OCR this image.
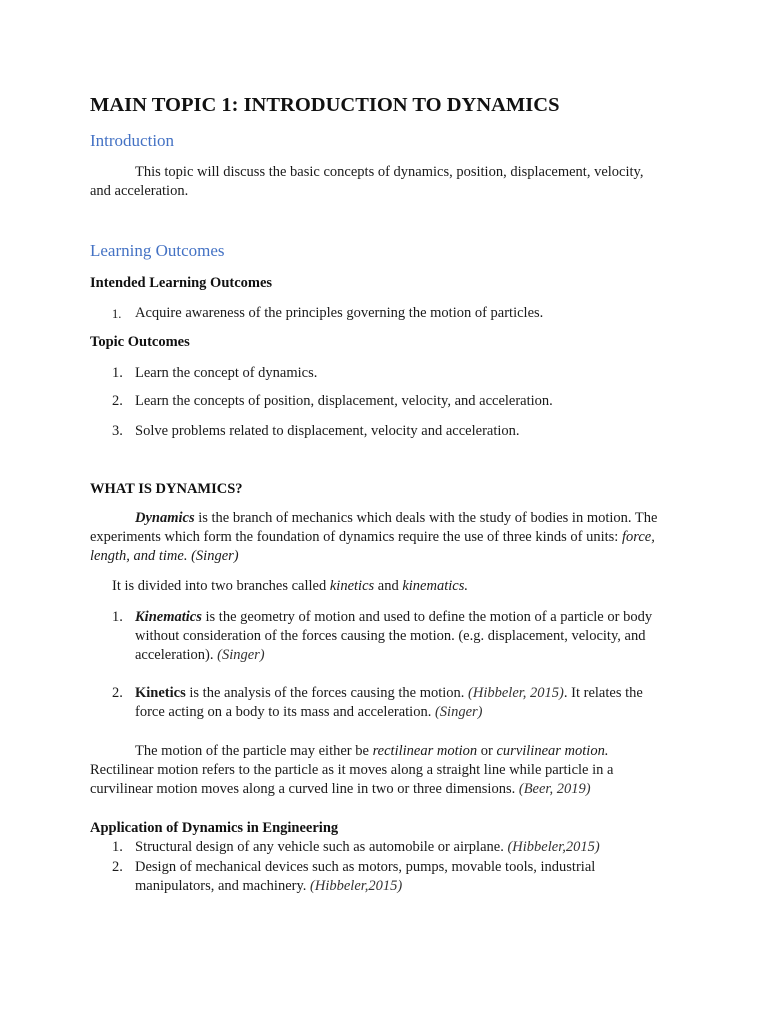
MAIN TOPIC 1: INTRODUCTION TO DYNAMICS
Introduction

This topic will discuss the basic concepts of dynamics, position, displacement, velocity, and acceleration.

Learning Outcomes
Intended Learning Outcomes
1. Acquire awareness of the principles governing the motion of particles.
Topic Outcomes
1. Learn the concept of dynamics.
2. Learn the concepts of position, displacement, velocity, and acceleration.
3. Solve problems related to displacement, velocity and acceleration.
WHAT IS DYNAMICS?

Dynamics is the branch of mechanics which deals with the study of bodies in motion. The experiments which form the foundation of dynamics require the use of three kinds of units: force, length, and time. (Singer)

It is divided into two branches called kinetics and kinematics.

1. Kinematics is the geometry of motion and used to define the motion of a particle or body without consideration of the forces causing the motion. (e.g. displacement, velocity, and acceleration). (Singer)
2. Kinetics is the analysis of the forces causing the motion. (Hibbeler, 2015). It relates the force acting on a body to its mass and acceleration. (Singer)

The motion of the particle may either be rectilinear motion or curvilinear motion. Rectilinear motion refers to the particle as it moves along a straight line while particle in a curvilinear motion moves along a curved line in two or three dimensions. (Beer, 2019)

Application of Dynamics in Engineering
1. Structural design of any vehicle such as automobile or airplane. (Hibbeler,2015)
2. Design of mechanical devices such as motors, pumps, movable tools, industrial manipulators, and machinery. (Hibbeler,2015)
